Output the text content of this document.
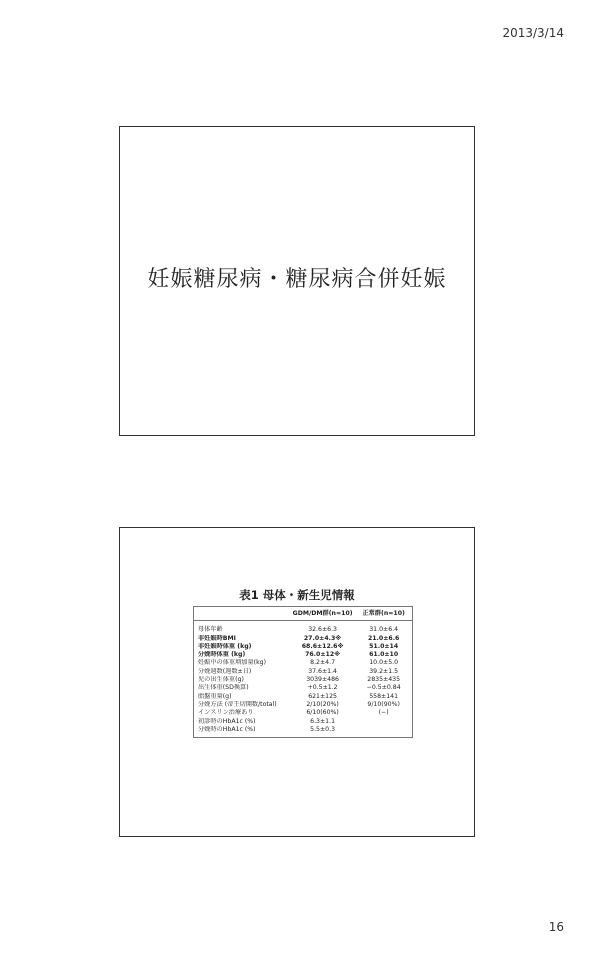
2013/3/14
妊娠糖尿病・糖尿病合併妊娠
表1 母体・新生児情報
	GDM/DM群(n=10)	正常群(n=10)
母体年齢	32.6±6.3	31.0±6.4
非妊娠時BMI	27.0±4.3※	21.0±6.6
非妊娠時体重 (kg)	68.6±12.6※	51.0±14
分娩時体重 (kg)	76.0±12※	61.0±10
妊娠中の体重増加量(kg)	8.2±4.7	10.0±5.0
分娩週数(週数±日)	37.6±1.4	39.2±1.5
児の出生体重(g)	3039±486	2835±435
出生体重(SD換算)	+0.5±1.2	−0.5±0.84
胎盤重量(g)	621±125	558±141
分娩方法 (帝王切開数/total)	2/10(20%)	9/10(90%)
インスリン治療あり	6/10(60%)	(−)
初診時のHbA1c (%)	6.3±1.1	
分娩時のHbA1c (%)	5.5±0.3	
16
